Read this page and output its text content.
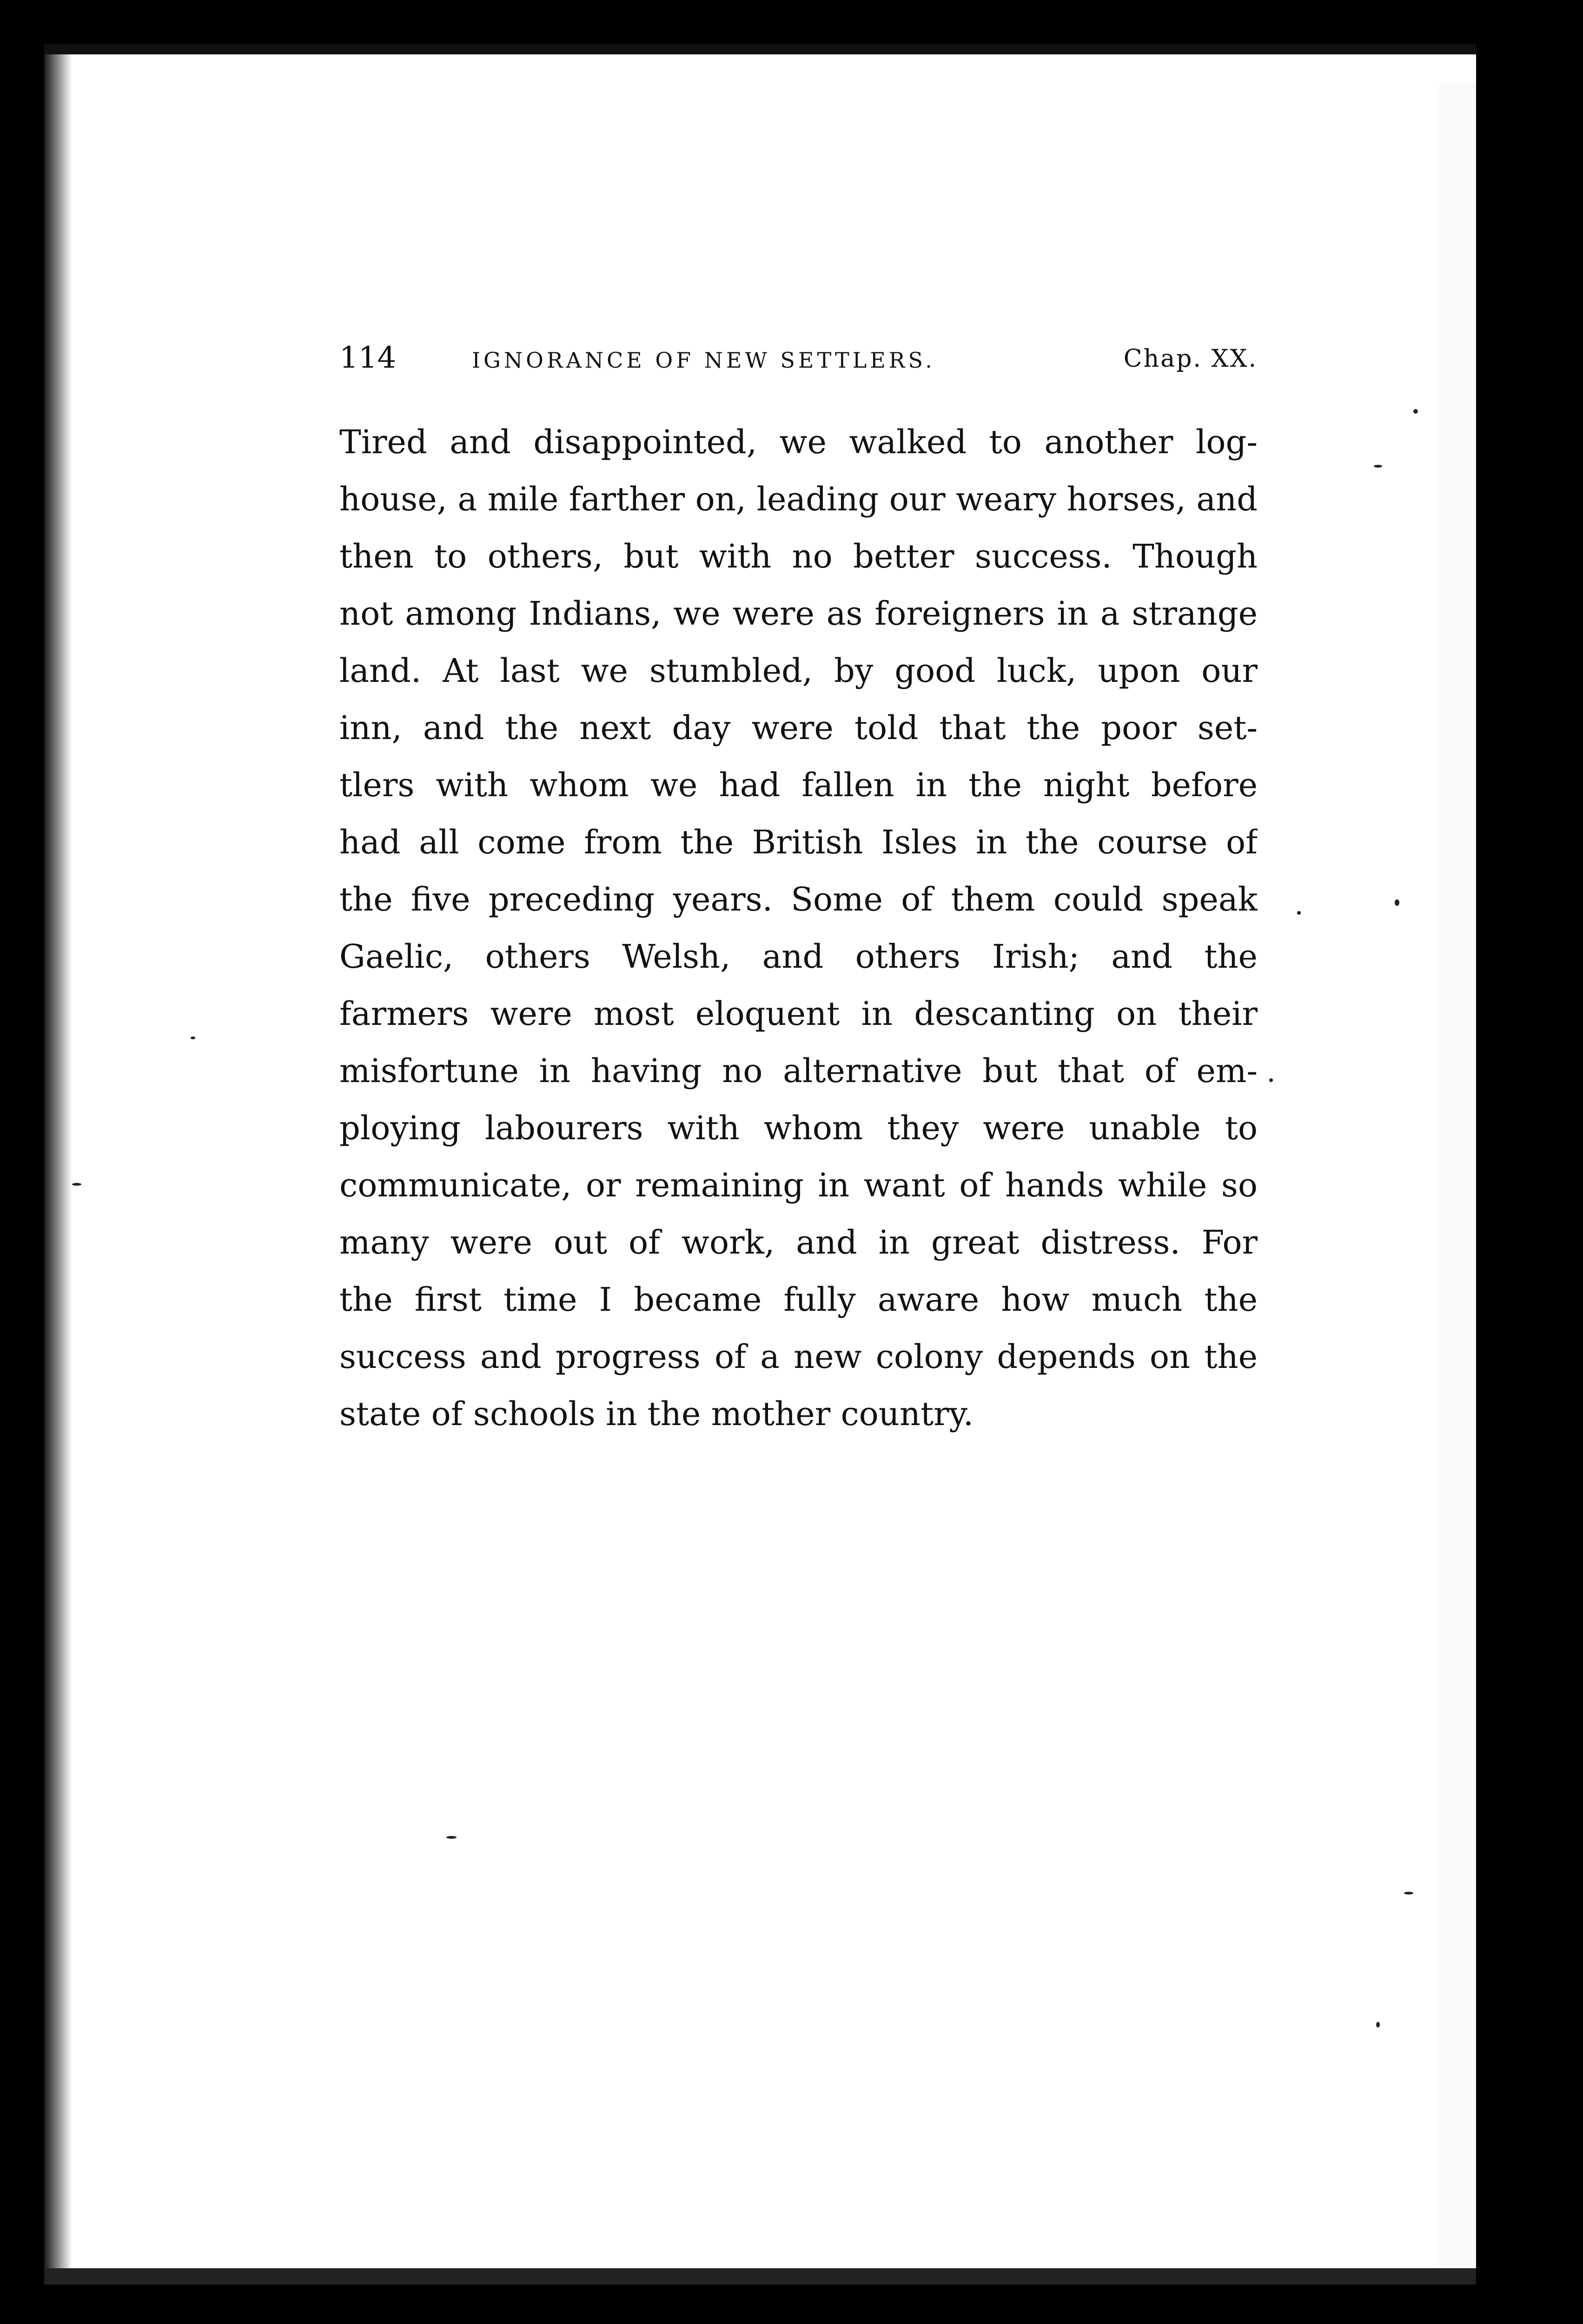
114	IGNORANCE OF NEW SETTLERS.	Chap. XX.
Tired and disappointed, we walked to another log-
house, a mile farther on, leading our weary horses, and
then to others, but with no better success. Though
not among Indians, we were as foreigners in a strange
land. At last we stumbled, by good luck, upon our
inn, and the next day were told that the poor set-
tlers with whom we had fallen in the night before
had all come from the British Isles in the course of
the five preceding years. Some of them could speak
Gaelic, others Welsh, and others Irish; and the
farmers were most eloquent in descanting on their
misfortune in having no alternative but that of em-
ploying labourers with whom they were unable to
communicate, or remaining in want of hands while so
many were out of work, and in great distress. For
the first time I became fully aware how much the
success and progress of a new colony depends on the
state of schools in the mother country.
